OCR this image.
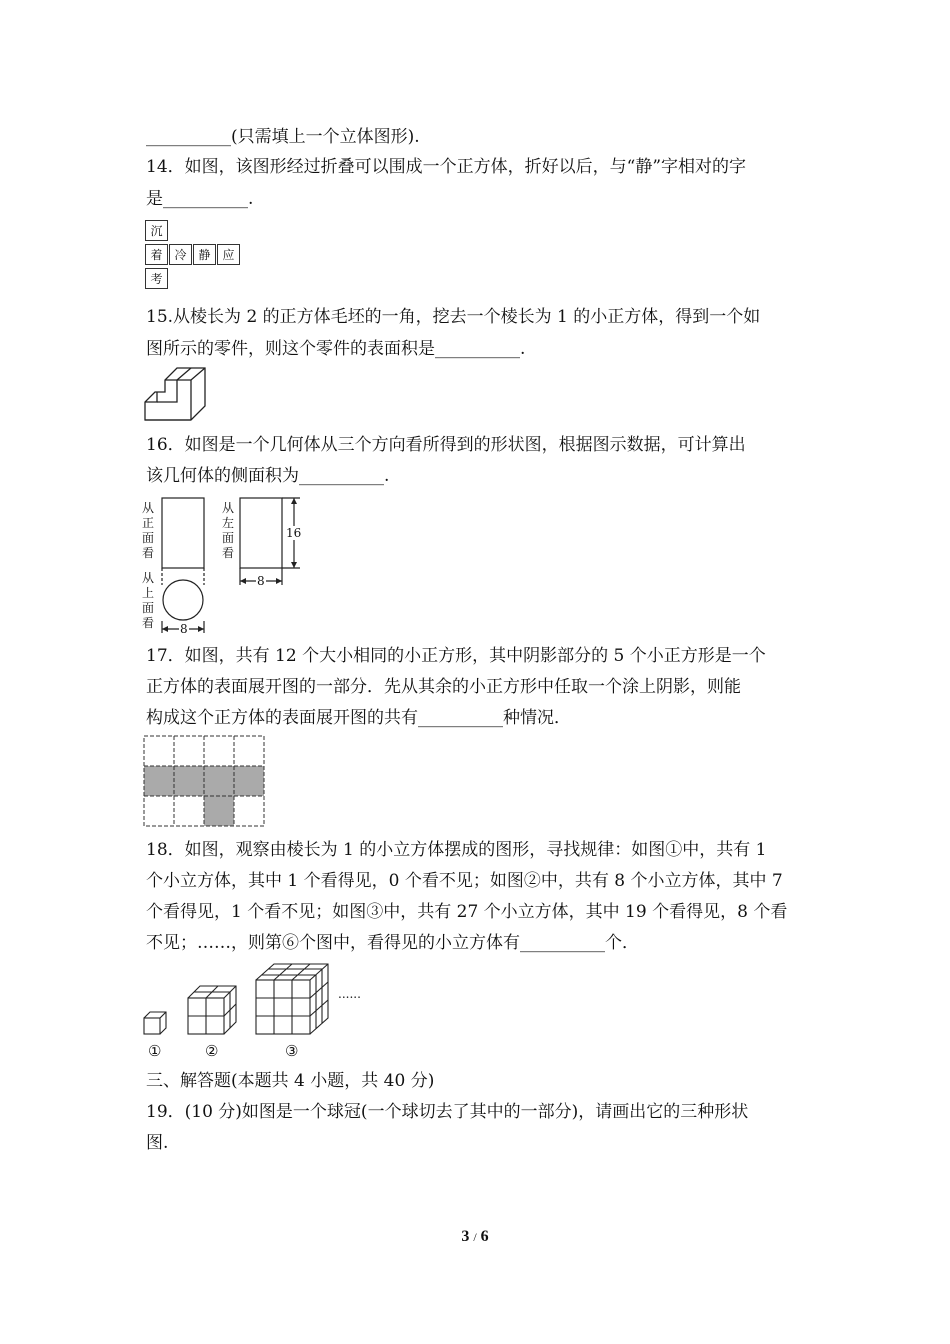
__________(只需填上一个立体图形).
14．如图，该图形经过折叠可以围成一个正方体，折好以后，与“静”字相对的字
是__________.
沉
着 冷 静 应
考
15.从棱长为 2 的正方体毛坯的一角，挖去一个棱长为 1 的小正方体，得到一个如
图所示的零件，则这个零件的表面积是__________.
16．如图是一个几何体从三个方向看所得到的形状图，根据图示数据，可计算出
该几何体的侧面积为__________.
从正面看
从左面看
从上面看
16
8
8
17．如图，共有 12 个大小相同的小正方形，其中阴影部分的 5 个小正方形是一个
正方体的表面展开图的一部分．先从其余的小正方形中任取一个涂上阴影，则能
构成这个正方体的表面展开图的共有__________种情况．
18．如图，观察由棱长为 1 的小立方体摆成的图形，寻找规律：如图①中，共有 1
个小立方体，其中 1 个看得见，0 个看不见；如图②中，共有 8 个小立方体，其中 7
个看得见，1 个看不见；如图③中，共有 27 个小立方体，其中 19 个看得见，8 个看
不见；……，则第⑥个图中，看得见的小立方体有__________个．
......
①	②	③
三、解答题(本题共 4 小题，共 40 分)
19．(10 分)如图是一个球冠(一个球切去了其中的一部分)，请画出它的三种形状
图.
3 / 6
